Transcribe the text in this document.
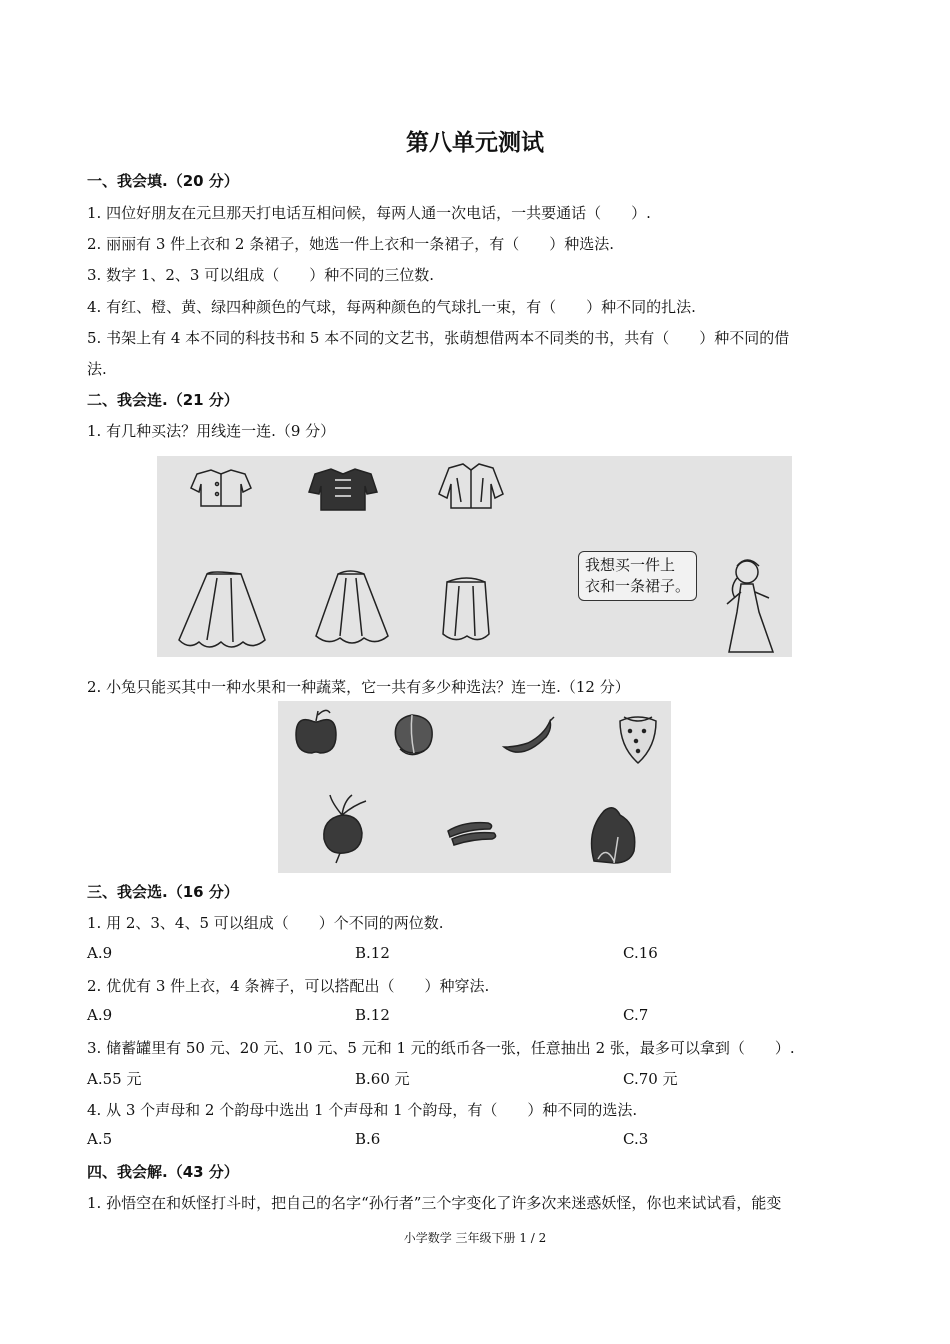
第八单元测试
一、我会填.（20 分）
1. 四位好朋友在元旦那天打电话互相问候，每两人通一次电话，一共要通话（　　）.
2. 丽丽有 3 件上衣和 2 条裙子，她选一件上衣和一条裙子，有（　　）种选法.
3. 数字 1、2、3 可以组成（　　）种不同的三位数.
4. 有红、橙、黄、绿四种颜色的气球，每两种颜色的气球扎一束，有（　　）种不同的扎法.
5. 书架上有 4 本不同的科技书和 5 本不同的文艺书，张萌想借两本不同类的书，共有（　　）种不同的借
法.
二、我会连.（21 分）
1. 有几种买法？用线连一连.（9 分）
我想买一件上
衣和一条裙子。
2. 小兔只能买其中一种水果和一种蔬菜，它一共有多少种选法？连一连.（12 分）
三、我会选.（16 分）
1. 用 2、3、4、5 可以组成（　　）个不同的两位数.
A.9	B.12	C.16
2. 优优有 3 件上衣，4 条裤子，可以搭配出（　　）种穿法.
A.9	B.12	C.7
3. 储蓄罐里有 50 元、20 元、10 元、5 元和 1 元的纸币各一张，任意抽出 2 张，最多可以拿到（　　）.
A.55 元	B.60 元	C.70 元
4. 从 3 个声母和 2 个韵母中选出 1 个声母和 1 个韵母，有（　　）种不同的选法.
A.5	B.6	C.3
四、我会解.（43 分）
1. 孙悟空在和妖怪打斗时，把自己的名字“孙行者”三个字变化了许多次来迷惑妖怪，你也来试试看，能变
小学数学 三年级下册 1 / 2
